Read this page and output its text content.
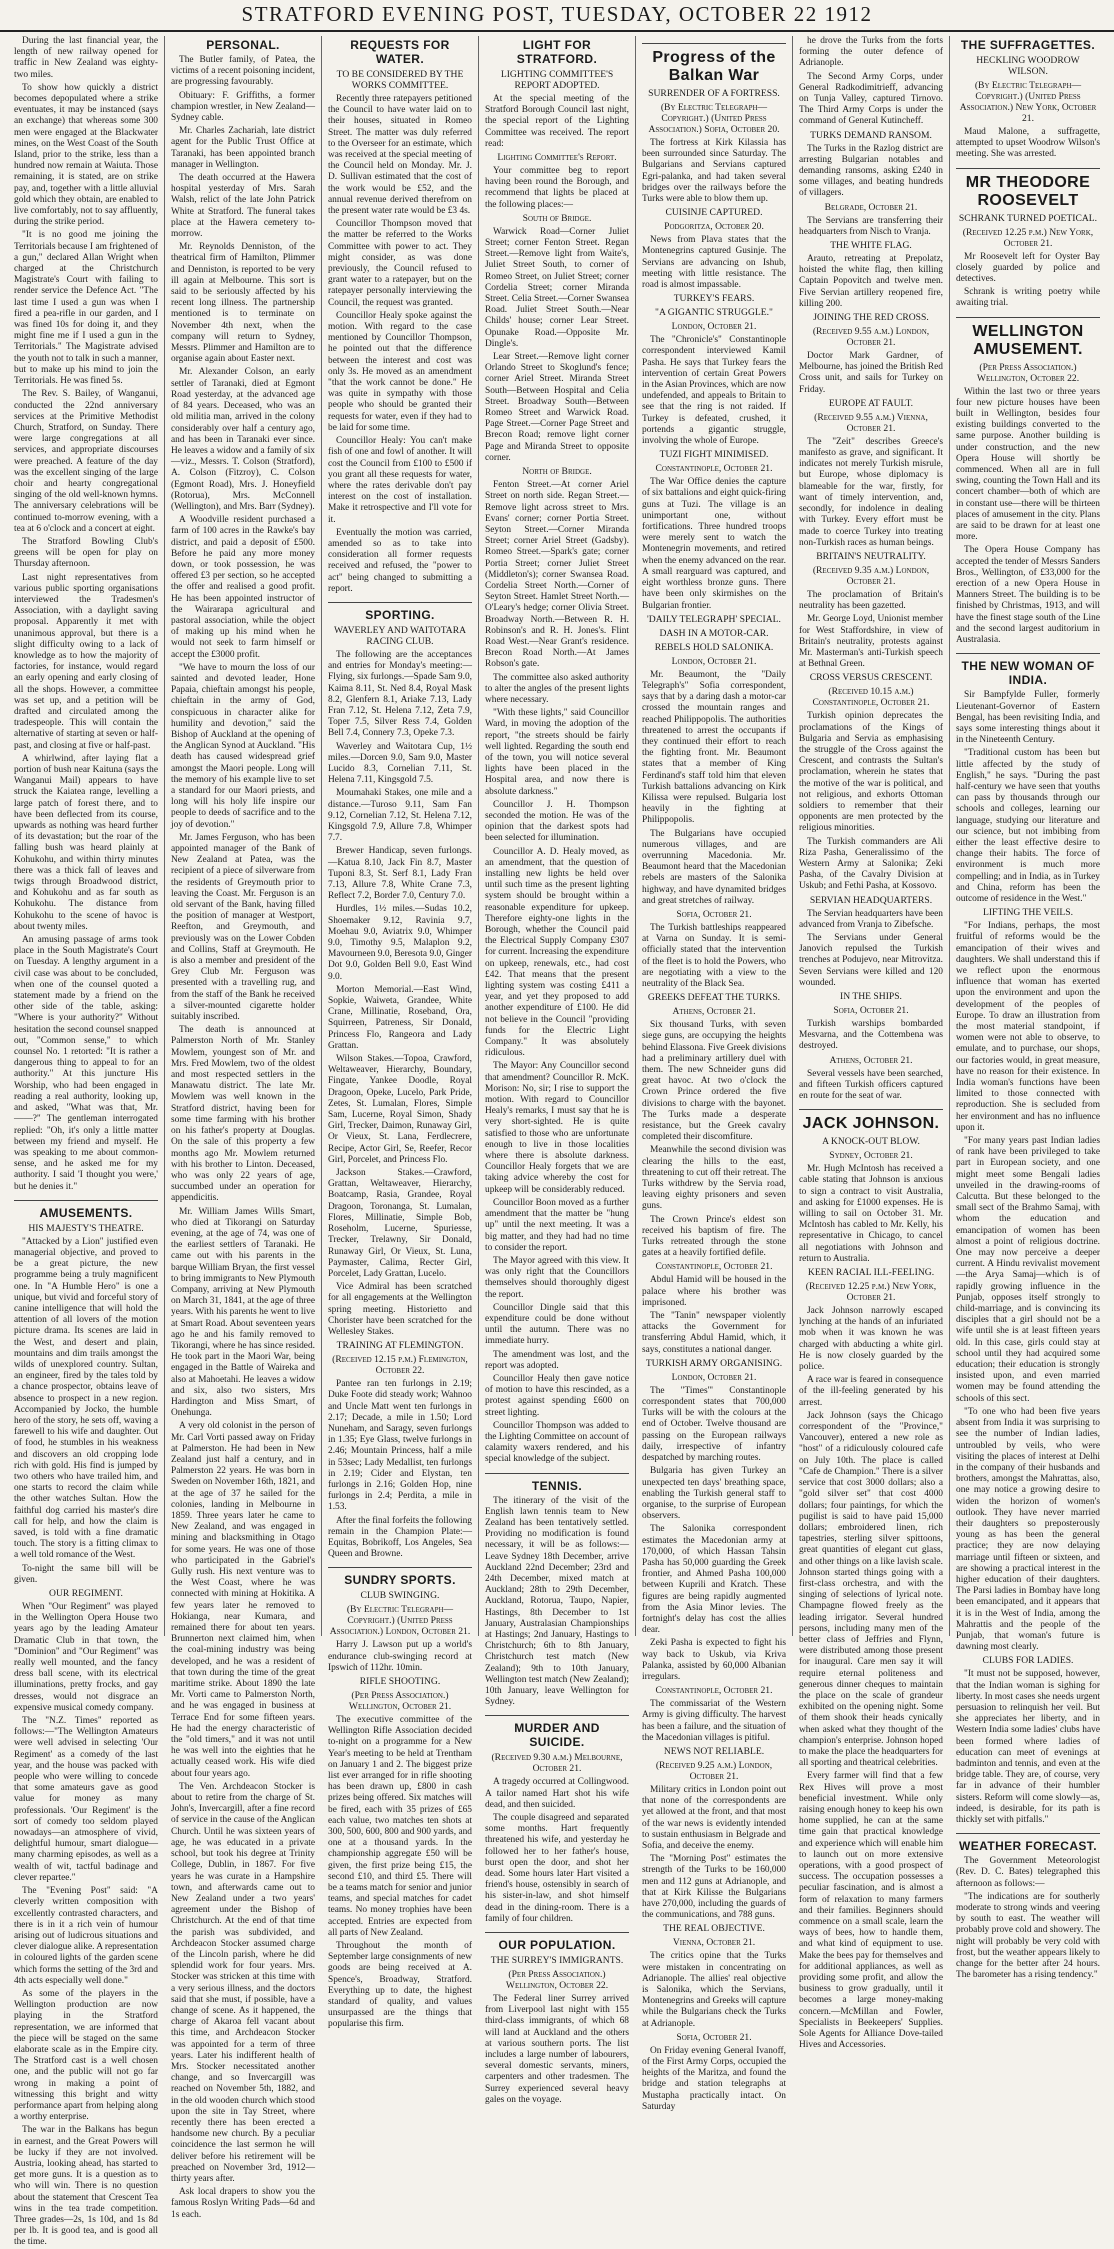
STRATFORD EVENING POST, TUESDAY, OCTOBER 22 1912

During the last financial year, the length of new railway opened for traffic in New Zealand was eighty-two miles.

To show how quickly a district becomes depopulated where a strike eventuates, it may be instanced (says an exchange) that whereas some 300 men were engaged at the Blackwater mines, on the West Coast of the South Island, prior to the strike, less than a hundred now remain at Waiuta. Those remaining, it is stated, are on strike pay, and, together with a little alluvial gold which they obtain, are enabled to live comfortably, not to say affluently, during the strike period.

"It is no good me joining the Territorials because I am frightened of a gun," declared Allan Wright when charged at the Christchurch Magistrate's Court with failing to render service the Defence Act. "The last time I used a gun was when I fired a pea-rifle in our garden, and I was fined 10s for doing it, and they might fine me if I used a gun in the Territorials." The Magistrate advised the youth not to talk in such a manner, but to make up his mind to join the Territorials. He was fined 5s.

The Rev. S. Bailey, of Wanganui, conducted the 22nd anniversary services at the Primitive Methodist Church, Stratford, on Sunday. There were large congregations at all services, and appropriate discourses were preached. A feature of the day was the excellent singing of the large choir and hearty congregational singing of the old well-known hymns. The anniversary celebrations will be continued to-morrow evening, with a tea at 6 o'clock and a concert at eight.

The Stratford Bowling Club's greens will be open for play on Thursday afternoon.

Last night representatives from various public sporting organisations interviewed the Tradesmen's Association, with a daylight saving proposal. Apparently it met with unanimous approval, but there is a slight difficulty owing to a lack of knowledge as to how the majority of factories, for instance, would regard an early opening and early closing of all the shops. However, a committee was set up, and a petition will be drafted and circulated among the tradespeople. This will contain the alternative of starting at seven or half-past, and closing at five or half-past.

A whirlwind, after laying flat a portion of bush near Kaituna (says the Wanganui Mail) appears to have struck the Kaiatea range, levelling a large patch of forest there, and to have been deflected from its course, upwards as nothing was heard further of its devastation; but the roar of the falling bush was heard plainly at Kohukohu, and within thirty minutes there was a thick fall of leaves and twigs through Broadwood district, and Kohukohu and as far south as Kohukohu. The distance from Kohukohu to the scene of havoc is about twenty miles.

An amusing passage of arms took place in the South Magistrate's Court on Tuesday. A lengthy argument in a civil case was about to be concluded, when one of the counsel quoted a statement made by a friend on the other side of the table, asking: "Where is your authority?" Without hesitation the second counsel snapped out, "Common sense," to which counsel No. 1 retorted: "It is rather a dangerous thing to appeal to for an authority." At this juncture His Worship, who had been engaged in reading a real authority, looking up, and asked, "What was that, Mr. ——?" The gentleman interrogated replied: "Oh, it's only a little matter between my friend and myself. He was speaking to me about common-sense, and he asked me for my authority. I said 'I thought you were,' but he denies it."

AMUSEMENTS.
HIS MAJESTY'S THEATRE.

"Attacked by a Lion" justified even managerial objective, and proved to be a great picture, the new programme being a truly magnificent one. In "A Humble Hero" is one a unique, but vivid and forceful story of canine intelligence that will hold the attention of all lovers of the motion picture drama. Its scenes are laid in the West, and desert and plain, mountains and dim trails amongst the wilds of unexplored country. Sultan, an engineer, fired by the tales told by a chance prospector, obtains leave of absence to prospect in a new region. Accompanied by Jocko, the humble hero of the story, he sets off, waving a farewell to his wife and daughter. Out of food, he stumbles in his weakness and discovers an old cropping lode rich with gold. His find is jumped by two others who have trailed him, and one starts to record the claim while the other watches Sultan. How the faithful dog carried his master's dire call for help, and how the claim is saved, is told with a fine dramatic touch. The story is a fitting climax to a well told romance of the West.

To-night the same bill will be given.

OUR REGIMENT.

When "Our Regiment" was played in the Wellington Opera House two years ago by the leading Amateur Dramatic Club in that town, the "Dominion" and "Our Regiment" was really well mounted, and the fancy dress ball scene, with its electrical illuminations, pretty frocks, and gay dresses, would not disgrace an expensive musical comedy company.

The "N.Z. Times" reported as follows:—"The Wellington Amateurs were well advised in selecting 'Our Regiment' as a comedy of the last year, and the house was packed with people who were willing to concede that some amateurs gave as good value for money as many professionals. 'Our Regiment' is the sort of comedy too seldom played nowadays—an atmosphere of vivid, delightful humour, smart dialogue—many charming episodes, as well as a wealth of wit, tactful badinage and clever repartee."

The "Evening Post" said: "A cleverly written composition with excellently contrasted characters, and there is in it a rich vein of humour arising out of ludicrous situations and clever dialogue alike. A representation in coloured lights of the garden scene which forms the setting of the 3rd and 4th acts especially well done."

As some of the players in the Wellington production are now playing in the Stratford representation, we are informed that the piece will be staged on the same elaborate scale as in the Empire city. The Stratford cast is a well chosen one, and the public will not go far wrong in making a point of witnessing this bright and witty performance apart from helping along a worthy enterprise.

The war in the Balkans has begun in earnest, and the Great Powers will be lucky if they are not involved. Austria, looking ahead, has started to get more guns. It is a question as to who will win. There is no question about the statement that Crescent Tea wins in the tea trade competition. Three grades—2s, 1s 10d, and 1s 8d per lb. It is good tea, and is good all the time.

PERSONAL.

The Butler family, of Patea, the victims of a recent poisoning incident, are progressing favourably.

Obituary: F. Griffiths, a former champion wrestler, in New Zealand—Sydney cable.

Mr. Charles Zachariah, late district agent for the Public Trust Office at Taranaki, has been appointed branch manager in Wellington.

The death occurred at the Hawera hospital yesterday of Mrs. Sarah Walsh, relict of the late John Patrick White at Stratford. The funeral takes place at the Hawera cemetery to-morrow.

Mr. Reynolds Denniston, of the theatrical firm of Hamilton, Plimmer and Denniston, is reported to be very ill again at Melbourne. This sort is said to be seriously affected by his recent long illness. The partnership mentioned is to terminate on November 4th next, when the company will return to Sydney, Messrs. Plimmer and Hamilton are to organise again about Easter next.

Mr. Alexander Colson, an early settler of Taranaki, died at Egmont Road yesterday, at the advanced age of 84 years. Deceased, who was an old militia man, arrived in the colony considerably over half a century ago, and has been in Taranaki ever since. He leaves a widow and a family of six—viz., Messrs. T. Colson (Stratford), A. Colson (Fitzroy), C. Colson (Egmont Road), Mrs. J. Honeyfield (Rotorua), Mrs. McConnell (Wellington), and Mrs. Barr (Sydney).

A Woodville resident purchased a farm of 100 acres in the Rawke's bay district, and paid a deposit of £500. Before he paid any more money down, or took possession, he was offered £3 per section, so he accepted the offer and realised a good profit. He has been appointed instructor of the Wairarapa agricultural and pastoral association, while the object of making up his mind when he would not seek to farm himself or accept the £3000 profit.

"We have to mourn the loss of our sainted and devoted leader, Hone Papaia, chieftain amongst his people, chieftain in the army of God, conspicuous in character alike for humility and devotion," said the Bishop of Auckland at the opening of the Anglican Synod at Auckland. "His death has caused widespread grief amongst the Maori people. Long will the memory of his example live to set a standard for our Maori priests, and long will his holy life inspire our people to deeds of sacrifice and to the joy of devotion."

Mr. James Ferguson, who has been appointed manager of the Bank of New Zealand at Patea, was the recipient of a piece of silverware from the residents of Greymouth prior to leaving the Coast. Mr. Ferguson is an old servant of the Bank, having filled the position of manager at Westport, Reefton, and Greymouth, and previously was on the Lower Cobden and Collins, Staff at Greymouth. He is also a member and president of the Grey Club Mr. Ferguson was presented with a travelling rug, and from the staff of the Bank he received a silver-mounted cigarette holder suitably inscribed.

The death is announced at Palmerston North of Mr. Stanley Mowlem, youngest son of Mr. and Mrs. Fred Mowlem, two of the oldest and most respected settlers in the Manawatu district. The late Mr. Mowlem was well known in the Stratford district, having been for some time farming with his brother on his father's property at Douglas. On the sale of this property a few months ago Mr. Mowlem returned with his brother to Linton. Deceased, who was only 22 years of age, succumbed under an operation for appendicitis.

Mr. William James Wills Smart, who died at Tikorangi on Saturday evening, at the age of 74, was one of the earliest settlers of Taranaki. He came out with his parents in the barque William Bryan, the first vessel to bring immigrants to New Plymouth Company, arriving at New Plymouth on March 31, 1841, at the age of three years. With his parents he went to live at Smart Road. About seventeen years ago he and his family removed to Tikorangi, where he has since resided. He took part in the Maori War, being engaged in the Battle of Waireka and also at Mahoetahi. He leaves a widow and six, also two sisters, Mrs Hardington and Miss Smart, of Onehunga.

A very old colonist in the person of Mr. Carl Vorti passed away on Friday at Palmerston. He had been in New Zealand just half a century, and in Palmerston 22 years. He was born in Sweden on November 16th, 1821, and at the age of 37 he sailed for the colonies, landing in Melbourne in 1859. Three years later he came to New Zealand, and was engaged in mining and blacksmithing in Otago for some years. He was one of those who participated in the Gabriel's Gully rush. His next venture was to the West Coast, where he was connected with mining at Hokitika. A few years later he removed to Hokianga, near Kumara, and remained there for about ten years. Brunnerton next claimed him, when the coal-mining industry was being developed, and he was a resident of that town during the time of the great maritime strike. About 1890 the late Mr. Vorti came to Palmerston North, and he was engaged in business at Terrace End for some fifteen years. He had the energy characteristic of the "old timers," and it was not until he was well into the eighties that he actually ceased work. His wife died about four years ago.

The Ven. Archdeacon Stocker is about to retire from the charge of St. John's, Invercargill, after a fine record of service in the cause of the Anglican Church. Until he was sixteen years of age, he was educated in a private school, but took his degree at Trinity College, Dublin, in 1867. For five years he was curate in a Hampshire town, and afterwards came out to New Zealand under a two years' agreement under the Bishop of Christchurch. At the end of that time the parish was subdivided, and Archdeacon Stocker assumed charge of the Lincoln parish, where he did splendid work for four years. Mrs. Stocker was stricken at this time with a very serious illness, and the doctors said that she must, if possible, have a change of scene. As it happened, the charge of Akaroa fell vacant about this time, and Archdeacon Stocker was appointed for a term of three years. Later his indifferent health of Mrs. Stocker necessitated another change, and so Invercargill was reached on November 5th, 1882, and in the old wooden church which stood upon the site in Tay Street, where recently there has been erected a handsome new church. By a peculiar coincidence the last sermon he will deliver before his retirement will be preached on November 3rd, 1912—thirty years after.

Ask local drapers to show you the famous Roslyn Writing Pads—6d and 1s each.

REQUESTS FOR WATER.
TO BE CONSIDERED BY THE WORKS COMMITTEE.

Recently three ratepayers petitioned the Council to have water laid on to their houses, situated in Romeo Street. The matter was duly referred to the Overseer for an estimate, which was received at the special meeting of the Council held on Monday. Mr. J. D. Sullivan estimated that the cost of the work would be £52, and the annual revenue derived therefrom on the present water rate would be £3 4s.

Councillor Thompson moved that the matter be referred to the Works Committee with power to act. They might consider, as was done previously, the Council refused to grant water to a ratepayer, but on the ratepayer personally interviewing the Council, the request was granted.

Councillor Healy spoke against the motion. With regard to the case mentioned by Councillor Thompson, he pointed out that the difference between the interest and cost was only 3s. He moved as an amendment "that the work cannot be done." He was quite in sympathy with those people who should be granted their requests for water, even if they had to be laid for some time.

Councillor Healy: You can't make fish of one and fowl of another. It will cost the Council from £100 to £500 if you grant all these requests for water, where the rates derivable don't pay interest on the cost of installation. Make it retrospective and I'll vote for it.

Eventually the motion was carried, amended so as to take into consideration all former requests received and refused, the "power to act" being changed to submitting a report.

SPORTING.
WAVERLEY AND WAITOTARA RACING CLUB.

The following are the acceptances and entries for Monday's meeting:—Flying, six furlongs.—Spade Sam 9.0, Kaima 8.11, St. Ned 8.4, Royal Mask 8.2, Glenfern 8.1, Ariake 7.13, Lady Fran 7.12, St. Helena 7.12, Zeta 7.9, Toper 7.5, Silver Ress 7.4, Golden Bell 7.4, Connery 7.3, Opeke 7.3.

Waverley and Waitotara Cup, 1½ miles.—Dorcen 9.0, Sam 9.0, Master Lucido 8.3, Cornelian 7.11, St. Helena 7.11, Kingsgold 7.5.

Moumahaki Stakes, one mile and a distance.—Turoso 9.11, Sam Fan 9.12, Cornelian 7.12, St. Helena 7.12, Kingsgold 7.9, Allure 7.8, Whimper 7.7.

Brewer Handicap, seven furlongs.—Katua 8.10, Jack Fin 8.7, Master Tuponi 8.3, St. Serf 8.1, Lady Fran 7.13, Allure 7.8, White Crane 7.3, Reflect 7.2, Border 7.0, Century 7.0.

Hurdles, 1½ miles.—Sudas 10.2, Shoemaker 9.12, Ravinia 9.7, Moehau 9.0, Aviatrix 9.0, Whimper 9.0, Timothy 9.5, Malaplon 9.2, Mavourneen 9.0, Beresota 9.0, Ginger Dot 9.0, Golden Bell 9.0, East Wind 9.0.

Morton Memorial.—East Wind, Sopkie, Waiweta, Grandee, White Crane, Millinatie, Roseband, Ora, Squirreen, Patreness, Sir Donald, Princess Flo, Rangeora and Lady Grattan.

Wilson Stakes.—Topoa, Crawford, Weltaweaver, Hierarchy, Boundary, Fingate, Yankee Doodle, Royal Dragoon, Opeke, Lucelo, Park Pride, Zetes, St. Lumalan, Flores, Simple Sam, Lucerne, Royal Simon, Shady Girl, Trecker, Daimon, Runaway Girl, Or Vieux, St. Lana, Ferdlecrere, Recipe, Actor Girl, Se, Reefer, Recor Girl, Porcelet, and Princess Flo.

Jackson Stakes.—Crawford, Grattan, Weltaweaver, Hierarchy, Boatcamp, Rasia, Grandee, Royal Dragoon, Toronanga, St. Lumalan, Flores, Millinatie, Simple Bob, Roseholm, Lucerne, Spuriesse, Trecker, Trelawny, Sir Donald, Runaway Girl, Or Vieux, St. Luna, Paymaster, Calima, Recter Girl, Porcelet, Lady Grattan, Lucelo.

Vice Admiral has been scratched for all engagements at the Wellington spring meeting. Historietto and Chorister have been scratched for the Wellesley Stakes.

TRAINING AT FLEMINGTON.
(Received 12.15 p.m.) Flemington, October 22.

Pantee ran ten furlongs in 2.19; Duke Foote did steady work; Wahnoo and Uncle Matt went ten furlongs in 2.17; Decade, a mile in 1.50; Lord Nuneham, and Saragy, seven furlongs in 1.35; Eye Glass, twelve furlongs in 2.46; Mountain Princess, half a mile in 53sec; Lady Medallist, ten furlongs in 2.19; Cider and Elystan, ten furlongs in 2.16; Golden Hop, nine furlongs in 2.4; Perdita, a mile in 1.53.

After the final forfeits the following remain in the Champion Plate:—Equitas, Bobrikoff, Los Angeles, Sea Queen and Browne.

SUNDRY SPORTS.
CLUB SWINGING.
(By Electric Telegraph—Copyright.) (United Press Association.) London, October 21.

Harry J. Lawson put up a world's endurance club-swinging record at Ipswich of 112hr. 10min.

RIFLE SHOOTING.
(Per Press Association.) Wellington, October 21.

The executive committee of the Wellington Rifle Association decided to-night on a programme for a New Year's meeting to be held at Trentham on January 1 and 2. The biggest prize list ever arranged for in rifle shooting has been drawn up, £800 in cash prizes being offered. Six matches will be fired, each with 35 prizes of £65 each value, two matches ten shots at 300, 500, 600, 800 and 900 yards, and one at a thousand yards. In the championship aggregate £50 will be given, the first prize being £15, the second £10, and third £5. There will be a teams match for senior and junior teams, and special matches for cadet teams. No money trophies have been accepted. Entries are expected from all parts of New Zealand.

Throughout the month of September large consignments of new goods are being received at A. Spence's, Broadway, Stratford. Everything up to date, the highest standard of quality, and values unsurpassed are the things that popularise this firm.

LIGHT FOR STRATFORD.
LIGHTING COMMITTEE'S REPORT ADOPTED.

At the special meeting of the Stratford Borough Council last night, the special report of the Lighting Committee was received. The report read:

Lighting Committee's Report.

Your committee beg to report having been round the Borough, and recommend that lights be placed at the following places:—

South of Bridge.

Warwick Road—Corner Juliet Street; corner Fenton Street. Regan Street.—Remove light from Waite's, Juliet Street South, to corner of Romeo Street, on Juliet Street; corner Cordelia Street; corner Miranda Street. Celia Street.—Corner Swansea Road. Juliet Street South.—Near Childs' house; corner Lear Street. Opunake Road.—Opposite Mr. Dingle's.

Lear Street.—Remove light corner Orlando Street to Skoglund's fence; corner Ariel Street. Miranda Street South—Between Hospital and Celia Street. Broadway South—Between Romeo Street and Warwick Road. Page Street.—Corner Page Street and Brecon Road; remove light corner Page and Miranda Street to opposite corner.

North of Bridge.

Fenton Street.—At corner Ariel Street on north side. Regan Street.—Remove light across street to Mrs. Evans' corner; corner Portia Street. Seyton Street.—Corner Miranda Street; corner Ariel Street (Gadsby). Romeo Street.—Spark's gate; corner Portia Street; corner Juliet Street (Middleton's); corner Swansea Road. Cordelia Street North.—Corner of Seyton Street. Hamlet Street North.—O'Leary's hedge; corner Olivia Street. Broadway North.—Between R. H. Robinson's and R. H. Jones's. Flint Road West.—Near Grant's residence. Brecon Road North.—At James Robson's gate.

The committee also asked authority to alter the angles of the present lights where necessary.

"With these lights," said Councillor Ward, in moving the adoption of the report, "the streets should be fairly well lighted. Regarding the south end of the town, you will notice several lights have been placed in the Hospital area, and now there is absolute darkness."

Councillor J. H. Thompson seconded the motion. He was of the opinion that the darkest spots had been selected for illumination.

Councillor A. D. Healy moved, as an amendment, that the question of installing new lights be held over until such time as the present lighting system should be brought within a reasonable expenditure for upkeep. Therefore eighty-one lights in the Borough, whether the Council paid the Electrical Supply Company £307 for current. Increasing the expenditure on upkeep, renewals, etc., had cost £42. That means that the present lighting system was costing £411 a year, and yet they proposed to add another expenditure of £100. He did not believe in the Council "providing funds for the Electric Light Company." It was absolutely ridiculous.

The Mayor: Any Councillor second that amendment? Councillor R. McK. Morison: No, sir; I rise to support the motion. With regard to Councillor Healy's remarks, I must say that he is very short-sighted. He is quite satisfied to those who are unfortunate enough to live in those localities where there is absolute darkness. Councillor Healy forgets that we are taking advice whereby the cost for upkeep will be considerably reduced.

Councillor Boon moved as a further amendment that the matter be "hung up" until the next meeting. It was a big matter, and they had had no time to consider the report.

The Mayor agreed with this view. It was only right that the Councillors themselves should thoroughly digest the report.

Councillor Dingle said that this expenditure could be done without until the autumn. There was no immediate hurry.

The amendment was lost, and the report was adopted.

Councillor Healy then gave notice of motion to have this rescinded, as a protest against spending £600 on street lighting.

Councillor Thompson was added to the Lighting Committee on account of calamity waxers rendered, and his special knowledge of the subject.

TENNIS.

The itinerary of the visit of the English lawn tennis team to New Zealand has been tentatively settled. Providing no modification is found necessary, it will be as follows:—Leave Sydney 18th December, arrive Auckland 22nd December; 23rd and 24th December, mixed match at Auckland; 28th to 29th December, Auckland, Rotorua, Taupo, Napier, Hastings, 8th December to 1st January, Australasian Championships at Hastings; 2nd January, Hastings to Christchurch; 6th to 8th January, Christchurch test match (New Zealand); 9th to 10th January, Wellington test match (New Zealand); 10th January, leave Wellington for Sydney.

MURDER AND SUICIDE.
(Received 9.30 a.m.) Melbourne, October 21.

A tragedy occurred at Collingwood. A tailor named Hart shot his wife dead, and then suicided.

The couple disagreed and separated some months. Hart frequently threatened his wife, and yesterday he followed her to her father's house, burst open the door, and shot her dead. Some hours later Hart visited a friend's house, ostensibly in search of his sister-in-law, and shot himself dead in the dining-room. There is a family of four children.

OUR POPULATION.
THE SURREY'S IMMIGRANTS.
(Per Press Association.) Wellington, October 22.

The Federal liner Surrey arrived from Liverpool last night with 155 third-class immigrants, of which 68 will land at Auckland and the others at various southern ports. The list includes a large number of labourers, several domestic servants, miners, carpenters and other tradesmen. The Surrey experienced several heavy gales on the voyage.

Progress of the Balkan War
SURRENDER OF A FORTRESS.
(By Electric Telegraph—Copyright.) (United Press Association.) Sofia, October 20.

The fortress at Kirk Kilassia has been surrounded since Saturday. The Bulgarians and Servians captured Egri-palanka, and had taken several bridges over the railways before the Turks were able to blow them up.

CUISINJE CAPTURED.
Podgoritza, October 20.

News from Plava states that the Montenegrins captured Gusinje. The Servians are advancing on Ishub, meeting with little resistance. The road is almost impassable.

TURKEY'S FEARS.
"A GIGANTIC STRUGGLE."
London, October 21.

The "Chronicle's" Constantinople correspondent interviewed Kamil Pasha. He says that Turkey fears the intervention of certain Great Powers in the Asian Provinces, which are now undefended, and appeals to Britain to see that the ring is not raided. If Turkey is defeated, crushed, it portends a gigantic struggle, involving the whole of Europe.

TUZI FIGHT MINIMISED.
Constantinople, October 21.

The War Office denies the capture of six battalions and eight quick-firing guns at Tuzi. The village is an unimportant one, without fortifications. Three hundred troops were merely sent to watch the Montenegrin movements, and retired when the enemy advanced on the rear. A small rearguard was captured, and eight worthless bronze guns. There have been only skirmishes on the Bulgarian frontier.

'DAILY TELEGRAPH' SPECIAL.
DASH IN A MOTOR-CAR.
REBELS HOLD SALONIKA.
London, October 21.

Mr. Beaumont, the "Daily Telegraph's" Sofia correspondent, says that by a daring dash a motor-car crossed the mountain ranges and reached Philippopolis. The authorities threatened to arrest the occupants if they continued their effort to reach the fighting front. Mr. Beaumont states that a member of King Ferdinand's staff told him that eleven Turkish battalions advancing on Kirk Kilissa were repulsed. Bulgaria lost heavily in the fighting at Philippopolis.

The Bulgarians have occupied numerous villages, and are overrunning Macedonia. Mr. Beaumont heard that the Macedonian rebels are masters of the Salonika highway, and have dynamited bridges and great stretches of railway.

Sofia, October 21.

The Turkish battleships reappeared at Varna on Sunday. It is semi-officially stated that the intervention of the fleet is to hold the Powers, who are negotiating with a view to the neutrality of the Black Sea.

GREEKS DEFEAT THE TURKS.
Athens, October 21.

Six thousand Turks, with seven siege guns, are occupying the heights behind Elassona. Five Greek divisions had a preliminary artillery duel with them. The new Schneider guns did great havoc. At two o'clock the Crown Prince ordered the five divisions to charge with the bayonet. The Turks made a desperate resistance, but the Greek cavalry completed their discomfiture.

Meanwhile the second division was clearing the hills to the east, threatening to cut off their retreat. The Turks withdrew by the Servia road, leaving eighty prisoners and seven guns.

The Crown Prince's eldest son received his baptism of fire. The Turks retreated through the stone gates at a heavily fortified defile.

Constantinople, October 21.

Abdul Hamid will be housed in the palace where his brother was imprisoned.

The "Tanin" newspaper violently attacks the Government for transferring Abdul Hamid, which, it says, constitutes a national danger.

TURKISH ARMY ORGANISING.
London, October 21.

The "Times'" Constantinople correspondent states that 700,000 Turks will be with the colours at the end of October. Twelve thousand are passing on the European railways daily, irrespective of infantry despatched by marching routes.

Bulgaria has given Turkey an unexpected ten days' breathing space, enabling the Turkish general staff to organise, to the surprise of European observers.

The Salonika correspondent estimates the Macedonian army at 170,000, of which Hassan Tahsin Pasha has 50,000 guarding the Greek frontier, and Ahmed Pasha 100,000 between Kuprili and Kratch. These figures are being rapidly augmented from the Asia Minor levies. The fortnight's delay has cost the allies dear.

Zeki Pasha is expected to fight his way back to Uskub, via Kriva Palanka, assisted by 60,000 Albanian irregulars.

Constantinople, October 21.

The commissariat of the Western Army is giving difficulty. The harvest has been a failure, and the situation of the Macedonian villages is pitiful.

NEWS NOT RELIABLE.
(Received 9.25 a.m.) London, October 21.

Military critics in London point out that none of the correspondents are yet allowed at the front, and that most of the war news is evidently intended to sustain enthusiasm in Belgrade and Sofia, and deceive the enemy.

The "Morning Post" estimates the strength of the Turks to be 160,000 men and 112 guns at Adrianople, and that at Kirk Kilisse the Bulgarians have 270,000, including the guards of the communications, and 788 guns.

THE REAL OBJECTIVE.
Vienna, October 21.

The critics opine that the Turks were mistaken in concentrating on Adrianople. The allies' real objective is Salonika, which the Servians, Montenegrins and Greeks will capture while the Bulgarians check the Turks at Adrianople.

Sofia, October 21.

On Friday evening General Ivanoff, of the First Army Corps, occupied the heights of the Maritza, and found the bridge and station telegraphs at Mustapha practically intact. On Saturday

he drove the Turks from the forts forming the outer defence of Adrianople.

The Second Army Corps, under General Radkodimitrieff, advancing on Tunja Valley, captured Tirnovo. The Third Army Corps is under the command of General Kutincheff.

TURKS DEMAND RANSOM.

The Turks in the Razlog district are arresting Bulgarian notables and demanding ransoms, asking £240 in some villages, and beating hundreds of villagers.

Belgrade, October 21.

The Servians are transferring their headquarters from Nisch to Vranja.

THE WHITE FLAG.

Arauto, retreating at Prepolatz, hoisted the white flag, then killing Captain Popovitch and twelve men. Five Servian artillery reopened fire, killing 200.

JOINING THE RED CROSS.
(Received 9.55 a.m.) London, October 21.

Doctor Mark Gardner, of Melbourne, has joined the British Red Cross unit, and sails for Turkey on Friday.

EUROPE AT FAULT.
(Received 9.55 a.m.) Vienna, October 21.

The "Zeit" describes Greece's manifesto as grave, and significant. It indicates not merely Turkish misrule, but Europe, whose diplomacy is blameable for the war, firstly, for want of timely intervention, and, secondly, for indolence in dealing with Turkey. Every effort must be made to coerce Turkey into treating non-Turkish races as human beings.

BRITAIN'S NEUTRALITY.
(Received 9.35 a.m.) London, October 21.

The proclamation of Britain's neutrality has been gazetted.

Mr. George Loyd, Unionist member for West Staffordshire, in view of Britain's neutrality, protests against Mr. Masterman's anti-Turkish speech at Bethnal Green.

CROSS VERSUS CRESCENT.
(Received 10.15 a.m.) Constantinople, October 21.

Turkish opinion deprecates the proclamations of the Kings of Bulgaria and Servia as emphasising the struggle of the Cross against the Crescent, and contrasts the Sultan's proclamation, wherein he states that the motive of the war is political, and not religious, and exhorts Ottoman soldiers to remember that their opponents are men protected by the religious minorities.

The Turkish commanders are Ali Riza Pasha, Generalissimo of the Western Army at Salonika; Zeki Pasha, of the Cavalry Division at Uskub; and Fethi Pasha, at Kossovo.

SERVIAN HEADQUARTERS.

The Servian headquarters have been advanced from Vranja to Zibefsche.

The Servians under General Janovich repulsed the Turkish trenches at Podujevo, near Mitrovitza. Seven Servians were killed and 120 wounded.

IN THE SHIPS.
Sofia, October 21.

Turkish warships bombarded Mesvarna, and the Cottembena was destroyed.

Athens, October 21.

Several vessels have been searched, and fifteen Turkish officers captured en route for the seat of war.

JACK JOHNSON.
A KNOCK-OUT BLOW.
Sydney, October 21.

Mr. Hugh McIntosh has received a cable stating that Johnson is anxious to sign a contract to visit Australia, and asking for £1000 expenses. He is willing to sail on October 31. Mr. McIntosh has cabled to Mr. Kelly, his representative in Chicago, to cancel all negotiations with Johnson and return to Australia.

KEEN RACIAL ILL-FEELING.
(Received 12.25 p.m.) New York, October 21.

Jack Johnson narrowly escaped lynching at the hands of an infuriated mob when it was known he was charged with abducting a white girl. He is now closely guarded by the police.

A race war is feared in consequence of the ill-feeling generated by his arrest.

Jack Johnson (says the Chicago correspondent of the "Province," Vancouver), entered a new role as "host" of a ridiculously coloured cafe on July 10th. The place is called "Cafe de Champion." There is a silver service that cost 3000 dollars; also a "gold silver set" that cost 4000 dollars; four paintings, for which the pugilist is said to have paid 15,000 dollars; embroidered linen, rich tapestries, sterling silver spittoons, great quantities of elegant cut glass, and other things on a like lavish scale. Johnson started things going with a first-class orchestra, and with the singing of selections of lyrical note. Champagne flowed freely as the leading irrigator. Several hundred persons, including many men of the better class of Jeffries and Flynn, were distributed among those present for inaugural. Care men say it will require eternal politeness and generous dinner cheques to maintain the place on the scale of grandeur exhibited on the opening night. Some of them shook their heads cynically when asked what they thought of the champion's enterprise. Johnson hoped to make the place the headquarters for all sporting and theatrical celebrities.

Every farmer will find that a few Rex Hives will prove a most beneficial investment. While only raising enough honey to keep his own home supplied, he can at the same time gain that practical knowledge and experience which will enable him to launch out on more extensive operations, with a good prospect of success. The occupation possesses a peculiar fascination, and is almost a form of relaxation to many farmers and their families. Beginners should commence on a small scale, learn the ways of bees, how to handle them, and what kind of equipment to use. Make the bees pay for themselves and for additional appliances, as well as providing some profit, and allow the business to grow gradually, until it becomes a large money-making concern.—McMillan and Fowler, Specialists in Beekeepers' Supplies. Sole Agents for Alliance Dove-tailed Hives and Accessories.

THE SUFFRAGETTES.
HECKLING WOODROW WILSON.
(By Electric Telegraph—Copyright.) (United Press Association.) New York, October 21.

Maud Malone, a suffragette, attempted to upset Woodrow Wilson's meeting. She was arrested.

MR THEODORE ROOSEVELT
SCHRANK TURNED POETICAL.
(Received 12.25 p.m.) New York, October 21.

Mr Roosevelt left for Oyster Bay closely guarded by police and detectives.

Schrank is writing poetry while awaiting trial.

WELLINGTON AMUSEMENT.
(Per Press Association.) Wellington, October 22.

Within the last two or three years four new picture houses have been built in Wellington, besides four existing buildings converted to the same purpose. Another building is under construction, and the new Opera House will shortly be commenced. When all are in full swing, counting the Town Hall and its concert chamber—both of which are in constant use—there will be thirteen places of amusement in the city. Plans are said to be drawn for at least one more.

The Opera House Company has accepted the tender of Messrs Sanders Bros., Wellington, of £33,000 for the erection of a new Opera House in Manners Street. The building is to be finished by Christmas, 1913, and will have the finest stage south of the Line and the second largest auditorium in Australasia.

THE NEW WOMAN OF INDIA.

Sir Bampfylde Fuller, formerly Lieutenant-Governor of Eastern Bengal, has been revisiting India, and says some interesting things about it in the Nineteenth Century.

"Traditional custom has been but little affected by the study of English," he says. "During the past half-century we have seen that youths can pass by thousands through our schools and colleges, learning our language, studying our literature and our science, but not imbibing from either the least effective desire to change their habits. The force of environment is much more compelling; and in India, as in Turkey and China, reform has been the outcome of residence in the West."

LIFTING THE VEILS.

"For Indians, perhaps, the most fruitful of reforms would be the emancipation of their wives and daughters. We shall understand this if we reflect upon the enormous influence that woman has exerted upon the environment and upon the development of the peoples of Europe. To draw an illustration from the most material standpoint, if women were not able to observe, to emulate, and to purchase, our shops, our factories would, in great measure, have no reason for their existence. In India woman's functions have been limited to those connected with reproduction. She is secluded from her environment and has no influence upon it.

"For many years past Indian ladies of rank have been privileged to take part in European society, and one might meet some Bengali ladies unveiled in the drawing-rooms of Calcutta. But these belonged to the small sect of the Brahmo Samaj, with whom the education and emancipation of women has been almost a point of religious doctrine. One may now perceive a deeper current. A Hindu revivalist movement—the Arya Samaj—which is of rapidly growing influence in the Punjab, opposes itself strongly to child-marriage, and is convincing its disciples that a girl should not be a wife until she is at least fifteen years old. In this case, girls could stay at school until they had acquired some education; their education is strongly insisted upon, and even married women may be found attending the schools of this sect.

"To one who had been five years absent from India it was surprising to see the number of Indian ladies, untroubled by veils, who were visiting the places of interest at Delhi in the company of their husbands and brothers, amongst the Mahrattas, also, one may notice a growing desire to widen the horizon of women's outlook. They have never married their daughters so preposterously young as has been the general practice; they are now delaying marriage until fifteen or sixteen, and are showing a practical interest in the higher education of their daughters. The Parsi ladies in Bombay have long been emancipated, and it appears that it is in the West of India, among the Mahrattis and the people of the Punjab, that woman's future is dawning most clearly.

CLUBS FOR LADIES.

"It must not be supposed, however, that the Indian woman is sighing for liberty. In most cases she needs urgent persuasion to relinquish her veil. But she appreciates her liberty, and in Western India some ladies' clubs have been formed where ladies of education can meet of evenings at badminton and tennis, and even at the bridge table. They are, of course, very far in advance of their humbler sisters. Reform will come slowly—as, indeed, is desirable, for its path is thickly set with pitfalls."

WEATHER FORECAST.

The Government Meteorologist (Rev. D. C. Bates) telegraphed this afternoon as follows:—

"The indications are for southerly moderate to strong winds and veering by south to east. The weather will probably prove cold and showery. The night will probably be very cold with frost, but the weather appears likely to change for the better after 24 hours. The barometer has a rising tendency."
